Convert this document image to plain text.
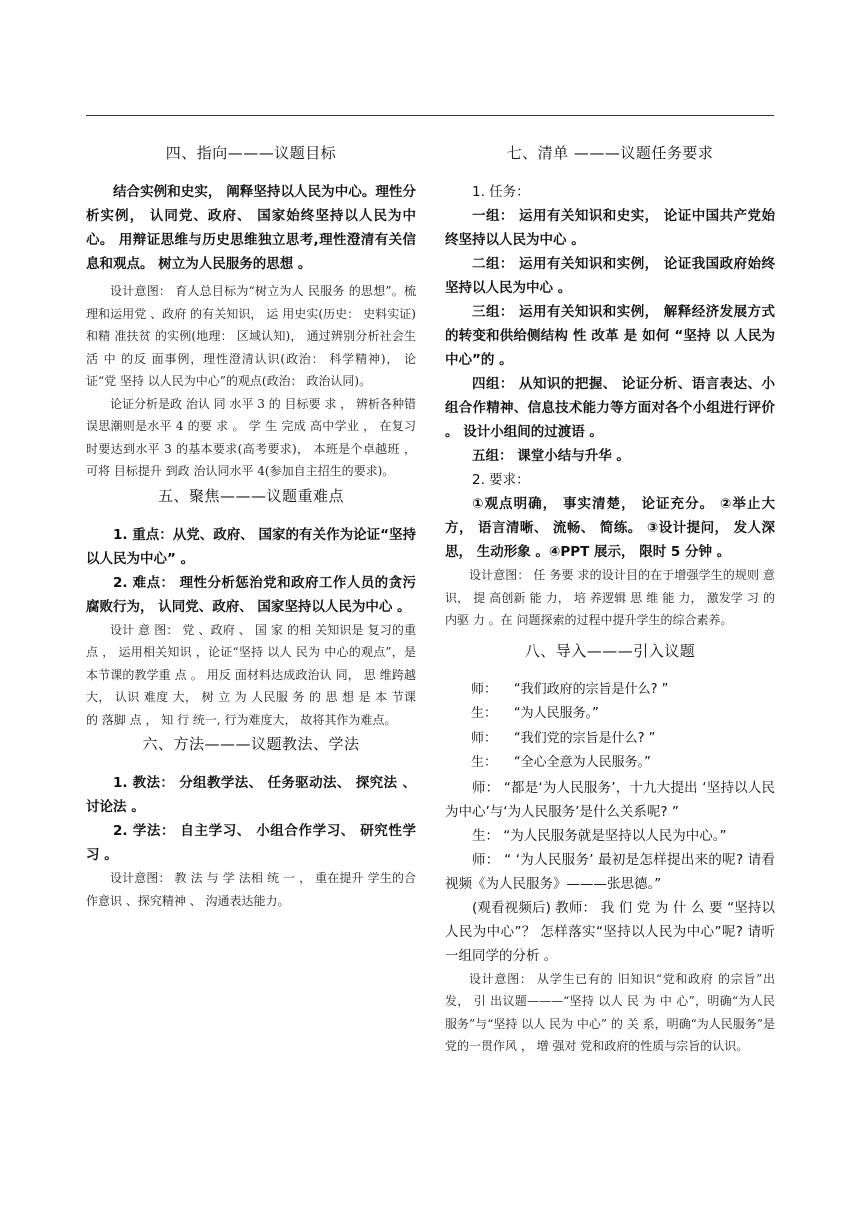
四、指向———议题目标

结合实例和史实， 阐释坚持以人民为中心。理性分析实例， 认同党、政府、 国家始终坚持以人民为中心。 用辩证思维与历史思维独立思考,理性澄清有关信息和观点。 树立为人民服务的思想 。

设计意图： 育人总目标为“树立为人 民服务 的思想”。梳理和运用党 、政府 的有关知识， 运 用史实(历史： 史料实证) 和精 准扶贫 的实例(地理： 区域认知)， 通过辨别分析社会生活 中 的反 面事例，理性澄清认识(政治： 科学精神)， 论证“党 坚持 以人民为中心”的观点(政治： 政治认同)。

论证分析是政 治认 同 水平 3 的 目标要 求 ， 辨析各种错误思潮则是水平 4 的要 求 。 学 生 完成 高中学业 ， 在复习时要达到水平 3 的基本要求(高考要求)， 本班是个卓越班 ， 可将 目标提升 到政 治认同水平 4(参加自主招生的要求)。

五、聚焦———议题重难点

1. 重点：从党、政府、 国家的有关作为论证“坚持以人民为中心” 。

2. 难点： 理性分析惩治党和政府工作人员的贪污腐败行为， 认同党、政府、 国家坚持以人民为中心 。

设计 意 图： 党 、政府 、 国 家 的相 关知识是 复习的重点 ， 运用相关知识 ，论证“坚持 以人 民为 中心的观点”，是本节课的教学重 点 。 用反 面材料达成政治认 同， 思 维跨越大， 认识 难度 大， 树 立 为 人民服 务 的 思 想 是 本 节课 的 落脚 点 ， 知 行 统一, 行为难度大， 故将其作为难点。

六、方法———议题教法、学法

1. 教法： 分组教学法、 任务驱动法、 探究法 、讨论法 。

2. 学法： 自主学习、 小组合作学习、 研究性学习 。

设计意图： 教 法 与 学 法相 统 一 ， 重在提升 学生的合作意识 、探究精神 、 沟通表达能力。

七、清单 ———议题任务要求

1. 任务：

一组： 运用有关知识和史实， 论证中国共产党始终坚持以人民为中心 。

二组： 运用有关知识和实例， 论证我国政府始终坚持以人民为中心 。

三组： 运用有关知识和实例， 解释经济发展方式的转变和供给侧结构 性 改革 是 如何 “坚持 以 人民为中心”的 。

四组： 从知识的把握、 论证分析、语言表达、小组合作精神、信息技术能力等方面对各个小组进行评价 。 设计小组间的过渡语 。

五组： 课堂小结与升华 。

2. 要求：

①观点明确， 事实清楚， 论证充分。 ②举止大方， 语言清晰、 流畅、 简练。 ③设计提问， 发人深思， 生动形象 。④PPT 展示， 限时 5 分钟 。

设计意图： 任 务要 求的设计目的在于增强学生的规则 意识， 提 高创新 能 力， 培 养逻辑 思 维 能 力， 激发学 习 的 内驱 力 。在 问题探索的过程中提升学生的综合素养。

八、导入———引入议题

师： “我们政府的宗旨是什么? ”

生： “为人民服务。”

师： “我们党的宗旨是什么? ”

生： “全心全意为人民服务。”

师： “都是‘为人民服务’，十九大提出 ‘坚持以人民为中心’与‘为人民服务’是什么关系呢? ”

生： “为人民服务就是坚持以人民为中心。”

师： “ ‘为人民服务’ 最初是怎样提出来的呢? 请看视频《为人民服务》———张思德。”

(观看视频后) 教师： 我 们 党 为 什 么 要 “坚持以人民为中心”？ 怎样落实“坚持以人民为中心”呢? 请听一组同学的分析 。

设计意图： 从学生已有的 旧知识“党和政府 的宗旨”出 发， 引 出议题———“坚持 以人 民 为 中 心”，明确“为人民服务”与“坚持 以人 民为 中心” 的 关 系，明确“为人民服务”是党的一贯作风 ， 增 强对 党和政府的性质与宗旨的认识。
